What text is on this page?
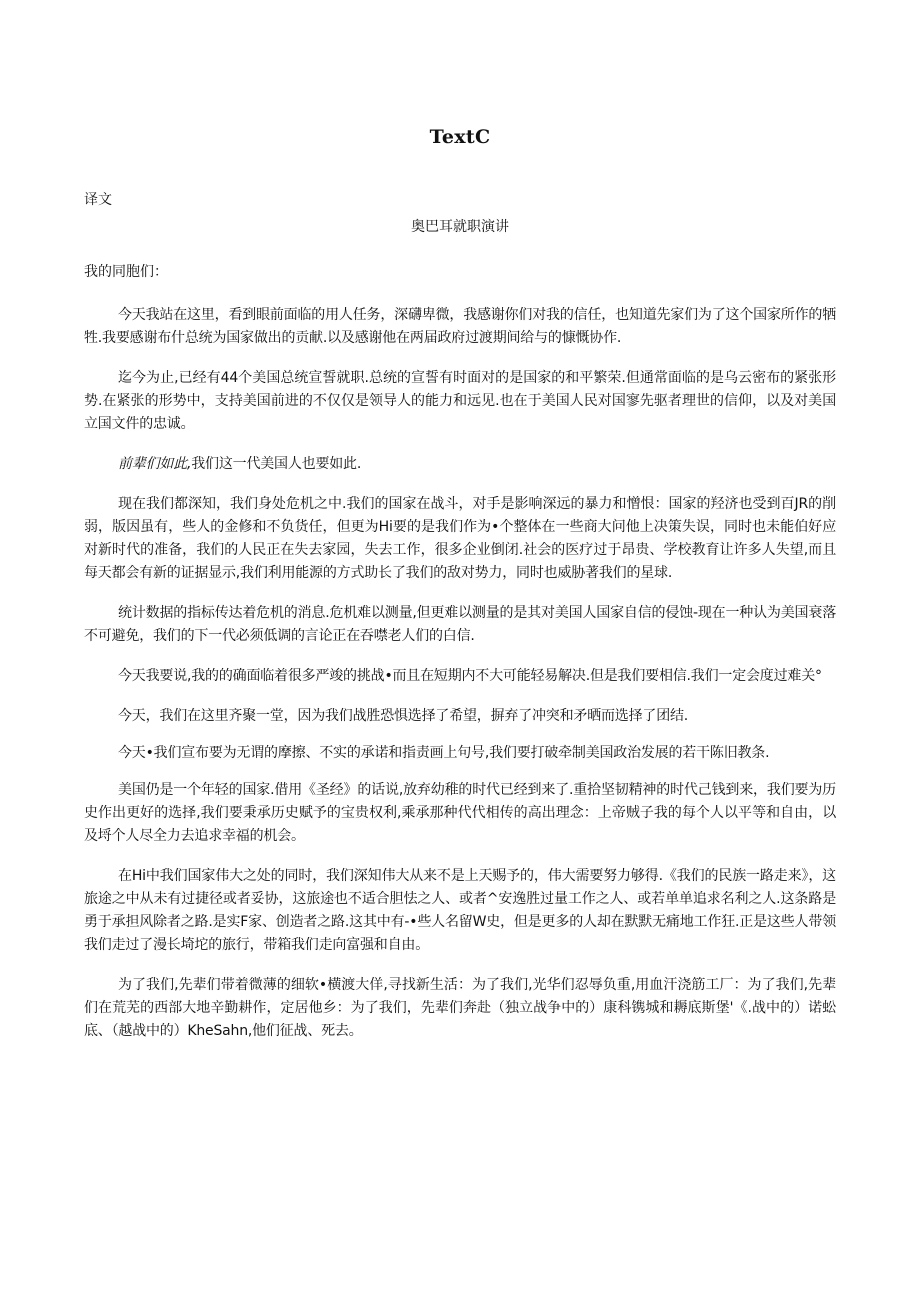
TextC
译文
奥巴耳就职演讲
我的同胞们：

今天我站在这里，看到眼前面临的用人任务，深礴卑微，我感谢你们对我的信任，也知道先家们为了这个国家所作的牺牲.我要感谢布什总统为国家做出的贡献.以及感谢他在两届政府过渡期间给与的慷慨协作.

迄今为止,已经有44个美国总统宣誓就职.总统的宣誓有时面对的是国家的和平繁荣.但通常面临的是乌云密布的紧张形势.在紧张的形势中，支持美国前进的不仅仅是领导人的能力和远见.也在于美国人民对国寥先驱者理世的信仰，以及对美国立国文件的忠诚。

前辈们如此,我们这一代美国人也要如此.

现在我们都深知，我们身处危机之中.我们的国家在战斗，对手是影响深远的暴力和憎恨：国家的羟济也受到百JR的削弱，版因虽有，些人的金修和不负货任，但更为Hi要的是我们作为•个整体在一些商大问他上决策失误，同时也未能伯好应对新时代的准备，我们的人民正在失去家园，失去工作，很多企业倒闭.社会的医疗过于昂贵、学校教育让许多人失望,而且每天都会有新的证据显示,我们利用能源的方式助长了我们的敌对势力，同时也威胁著我们的星球.

统计数据的指标传达着危机的消息.危机难以测量,但更难以测量的是其对美国人国家自信的侵蚀-现在一种认为美国衰落不可避免，我们的下一代必须低调的言论正在吞噤老人们的白信.

今天我要说,我的的确面临着很多严竣的挑战•而且在短期内不大可能轻易解决.但是我们要相信.我们一定会度过难关°

今天，我们在这里齐聚一堂，因为我们战胜恐惧选择了希望，摒弃了冲突和矛晒而选择了团结.

今天•我们宣布要为无谓的摩擦、不实的承诺和指责画上句号,我们要打破牵制美国政治发展的若干陈旧教条.

美国仍是一个年轻的国家.借用《圣经》的话说,放弃幼稚的时代已经到来了.重拾坚韧精神的时代己钱到来，我们要为历史作出更好的选择,我们要秉承历史赋予的宝贵权利,乘承那种代代相传的高出理念：上帝贼子我的每个人以平等和自由，以及埒个人尽全力去追求幸福的机会。

在Hi中我们国家伟大之处的同时，我们深知伟大从来不是上天赐予的，伟大需要努力够得.《我们的民族一路走来》，这旅途之中从未有过捷径或者妥协，这旅途也不适合胆怯之人、或者^安逸胜过量工作之人、或若单单追求名利之人.这条路是勇于承担风除者之路.是实F家、创造者之路.这其中有-•些人名留W史，但是更多的人却在默默无痛地工作狂.正是这些人带领我们走过了漫长埼坨的旅行，带箱我们走向富强和自由。

为了我们,先辈们带着微薄的细软•横渡大佯,寻找新生活：为了我们,光华们忍辱负重,用血汗浇筋工厂：为了我们,先辈们在荒芜的西部大地辛勤耕作，定居他乡：为了我们，先辈们奔赴（独立战争中的）康科镌城和耨底斯堡'《.战中的）诺蚣底、（越战中的）KheSahn,他们征战、死去。
